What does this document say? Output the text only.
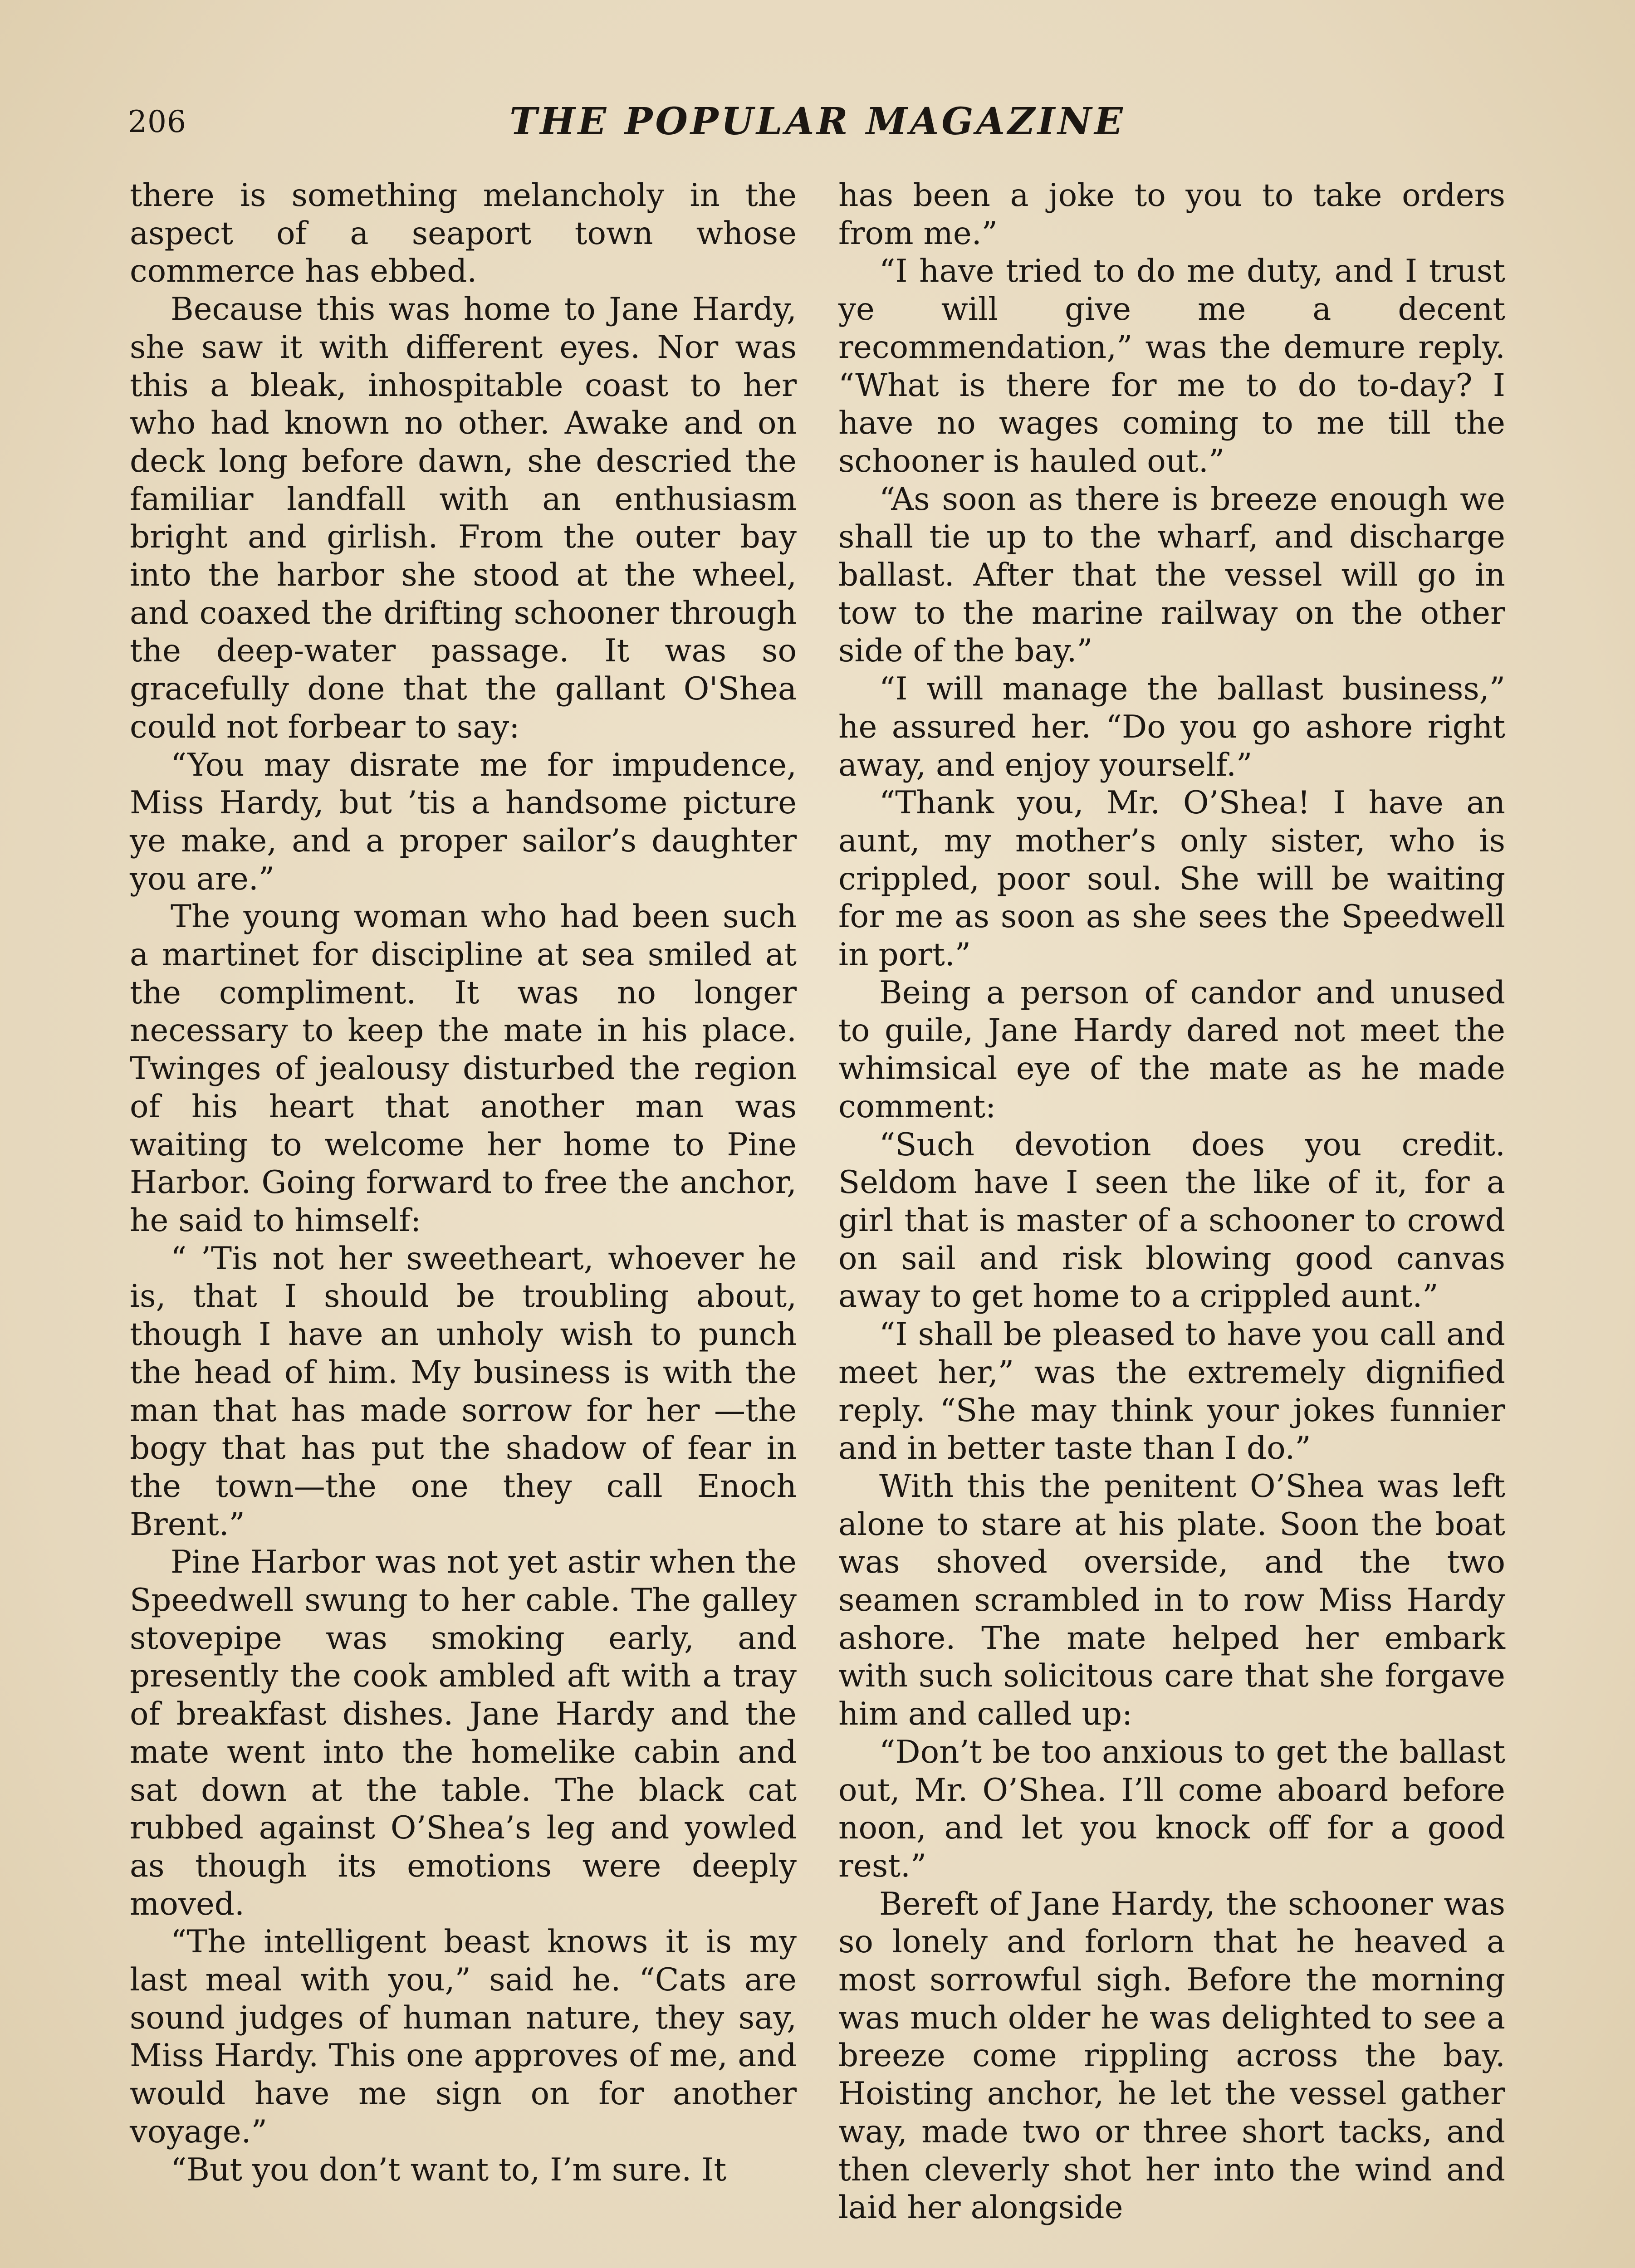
206	THE POPULAR MAGAZINE

there is something melancholy in the aspect of a seaport town whose commerce has ebbed.

Because this was home to Jane Hardy, she saw it with different eyes. Nor was this a bleak, inhospitable coast to her who had known no other. Awake and on deck long before dawn, she descried the familiar landfall with an enthusiasm bright and girlish. From the outer bay into the harbor she stood at the wheel, and coaxed the drifting schooner through the deep-water passage. It was so gracefully done that the gallant O'Shea could not forbear to say:

“You may disrate me for impudence, Miss Hardy, but ’tis a handsome picture ye make, and a proper sailor’s daughter you are.”

The young woman who had been such a martinet for discipline at sea smiled at the compliment. It was no longer necessary to keep the mate in his place. Twinges of jealousy disturbed the region of his heart that another man was waiting to welcome her home to Pine Harbor. Going forward to free the anchor, he said to himself:

“ ’Tis not her sweetheart, whoever he is, that I should be troubling about, though I have an unholy wish to punch the head of him. My business is with the man that has made sorrow for her —the bogy that has put the shadow of fear in the town—the one they call Enoch Brent.”

Pine Harbor was not yet astir when the Speedwell swung to her cable. The galley stovepipe was smoking early, and presently the cook ambled aft with a tray of breakfast dishes. Jane Hardy and the mate went into the homelike cabin and sat down at the table. The black cat rubbed against O’Shea’s leg and yowled as though its emotions were deeply moved.

“The intelligent beast knows it is my last meal with you,” said he. “Cats are sound judges of human nature, they say, Miss Hardy. This one approves of me, and would have me sign on for another voyage.”

“But you don’t want to, I’m sure. It

has been a joke to you to take orders from me.”

“I have tried to do me duty, and I trust ye will give me a decent recommendation,” was the demure reply. “What is there for me to do to-day? I have no wages coming to me till the schooner is hauled out.”

“As soon as there is breeze enough we shall tie up to the wharf, and discharge ballast. After that the vessel will go in tow to the marine railway on the other side of the bay.”

“I will manage the ballast business,” he assured her. “Do you go ashore right away, and enjoy yourself.”

“Thank you, Mr. O’Shea! I have an aunt, my mother’s only sister, who is crippled, poor soul. She will be waiting for me as soon as she sees the Speedwell in port.”

Being a person of candor and unused to guile, Jane Hardy dared not meet the whimsical eye of the mate as he made comment:

“Such devotion does you credit. Seldom have I seen the like of it, for a girl that is master of a schooner to crowd on sail and risk blowing good canvas away to get home to a crippled aunt.”

“I shall be pleased to have you call and meet her,” was the extremely dignified reply. “She may think your jokes funnier and in better taste than I do.”

With this the penitent O’Shea was left alone to stare at his plate. Soon the boat was shoved overside, and the two seamen scrambled in to row Miss Hardy ashore. The mate helped her embark with such solicitous care that she forgave him and called up:

“Don’t be too anxious to get the ballast out, Mr. O’Shea. I’ll come aboard before noon, and let you knock off for a good rest.”

Bereft of Jane Hardy, the schooner was so lonely and forlorn that he heaved a most sorrowful sigh. Before the morning was much older he was delighted to see a breeze come rippling across the bay. Hoisting anchor, he let the vessel gather way, made two or three short tacks, and then cleverly shot her into the wind and laid her alongside
